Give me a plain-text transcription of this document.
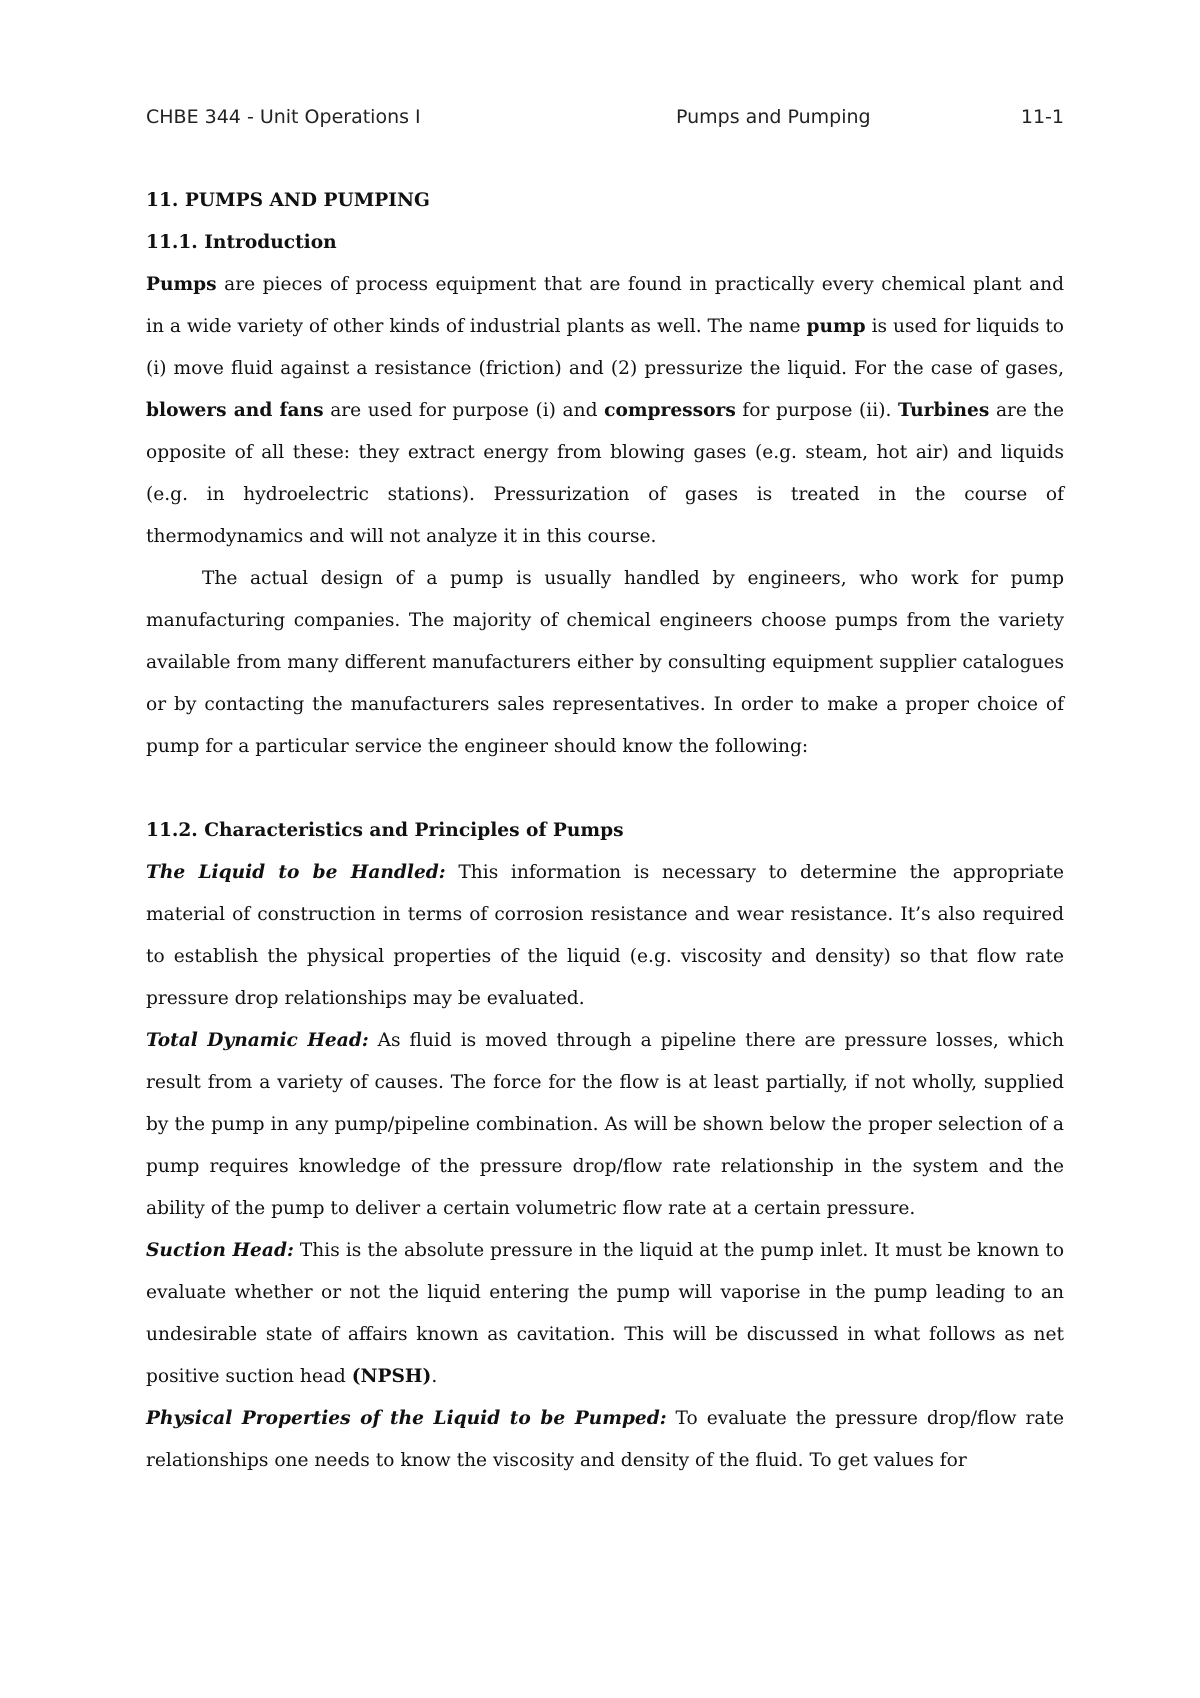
CHBE 344 - Unit Operations I	Pumps and Pumping	11-1
11. PUMPS AND PUMPING
11.1. Introduction

Pumps are pieces of process equipment that are found in practically every chemical plant and in a wide variety of other kinds of industrial plants as well. The name pump is used for liquids to (i) move fluid against a resistance (friction) and (2) pressurize the liquid. For the case of gases, blowers and fans are used for purpose (i) and compressors for purpose (ii). Turbines are the opposite of all these: they extract energy from blowing gases (e.g. steam, hot air) and liquids (e.g. in hydroelectric stations). Pressurization of gases is treated in the course of thermodynamics and will not analyze it in this course.

The actual design of a pump is usually handled by engineers, who work for pump manufacturing companies. The majority of chemical engineers choose pumps from the variety available from many different manufacturers either by consulting equipment supplier catalogues or by contacting the manufacturers sales representatives. In order to make a proper choice of pump for a particular service the engineer should know the following:

11.2. Characteristics and Principles of Pumps

The Liquid to be Handled: This information is necessary to determine the appropriate material of construction in terms of corrosion resistance and wear resistance. It’s also required to establish the physical properties of the liquid (e.g. viscosity and density) so that flow rate pressure drop relationships may be evaluated.

Total Dynamic Head: As fluid is moved through a pipeline there are pressure losses, which result from a variety of causes. The force for the flow is at least partially, if not wholly, supplied by the pump in any pump/pipeline combination. As will be shown below the proper selection of a pump requires knowledge of the pressure drop/flow rate relationship in the system and the ability of the pump to deliver a certain volumetric flow rate at a certain pressure.

Suction Head: This is the absolute pressure in the liquid at the pump inlet. It must be known to evaluate whether or not the liquid entering the pump will vaporise in the pump leading to an undesirable state of affairs known as cavitation. This will be discussed in what follows as net positive suction head (NPSH).

Physical Properties of the Liquid to be Pumped: To evaluate the pressure drop/flow rate relationships one needs to know the viscosity and density of the fluid. To get values for
